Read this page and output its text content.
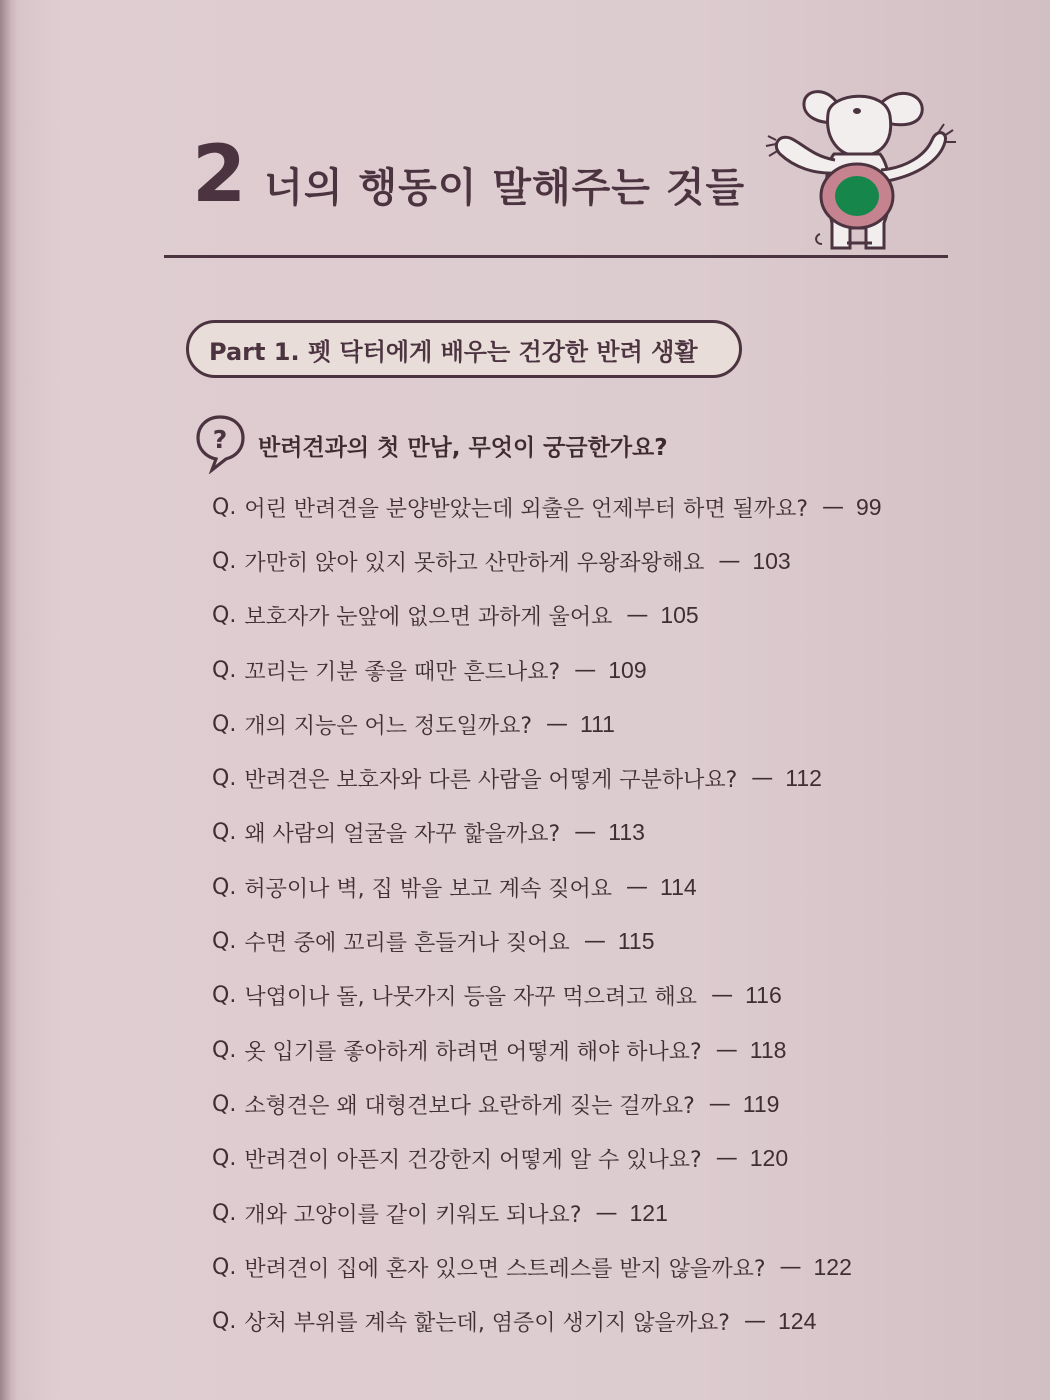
2 너의 행동이 말해주는 것들
Part 1. 펫 닥터에게 배우는 건강한 반려 생활
? 반려견과의 첫 만남, 무엇이 궁금한가요?
Q. 어린 반려견을 분양받았는데 외출은 언제부터 하면 될까요? — 99
Q. 가만히 앉아 있지 못하고 산만하게 우왕좌왕해요 — 103
Q. 보호자가 눈앞에 없으면 과하게 울어요 — 105
Q. 꼬리는 기분 좋을 때만 흔드나요? — 109
Q. 개의 지능은 어느 정도일까요? — 111
Q. 반려견은 보호자와 다른 사람을 어떻게 구분하나요? — 112
Q. 왜 사람의 얼굴을 자꾸 핥을까요? — 113
Q. 허공이나 벽, 집 밖을 보고 계속 짖어요 — 114
Q. 수면 중에 꼬리를 흔들거나 짖어요 — 115
Q. 낙엽이나 돌, 나뭇가지 등을 자꾸 먹으려고 해요 — 116
Q. 옷 입기를 좋아하게 하려면 어떻게 해야 하나요? — 118
Q. 소형견은 왜 대형견보다 요란하게 짖는 걸까요? — 119
Q. 반려견이 아픈지 건강한지 어떻게 알 수 있나요? — 120
Q. 개와 고양이를 같이 키워도 되나요? — 121
Q. 반려견이 집에 혼자 있으면 스트레스를 받지 않을까요? — 122
Q. 상처 부위를 계속 핥는데, 염증이 생기지 않을까요? — 124
